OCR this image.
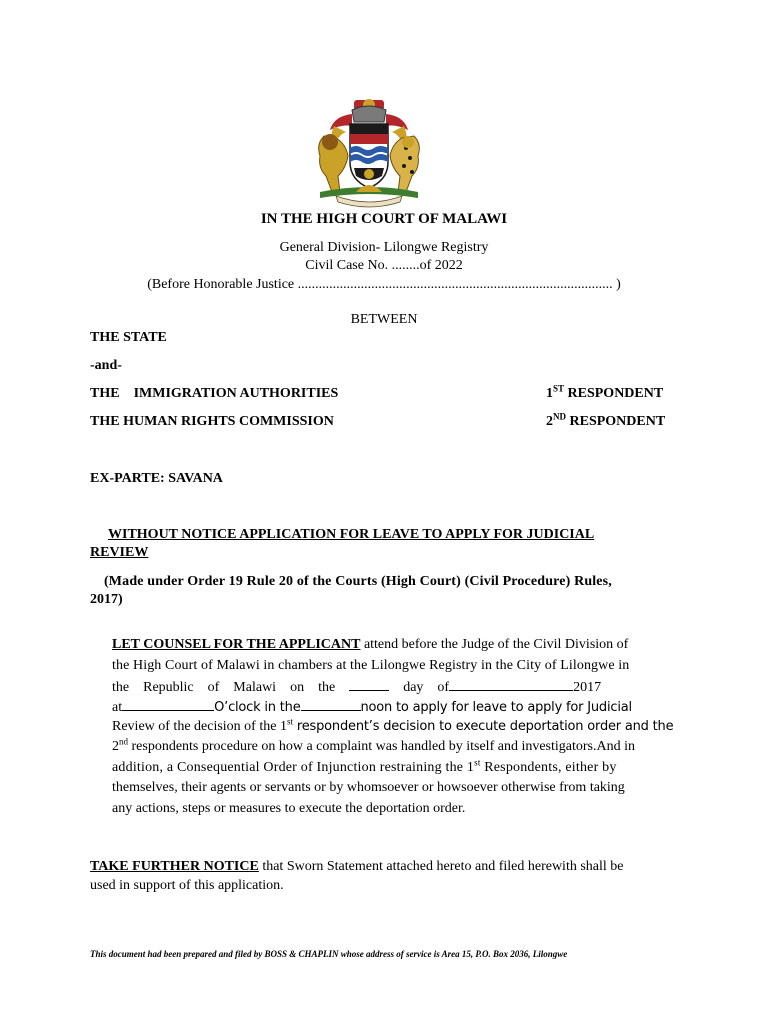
IN THE HIGH COURT OF MALAWI
General Division- Lilongwe Registry
Civil Case No. ........of 2022
(Before Honorable Justice .......................................................................................... )
BETWEEN
THE STATE
-and-
THE    IMMIGRATION AUTHORITIES	1ST RESPONDENT
THE HUMAN RIGHTS COMMISSION	2ND RESPONDENT
EX-PARTE: SAVANA
WITHOUT NOTICE APPLICATION FOR LEAVE TO APPLY FOR JUDICIAL
REVIEW
(Made under Order 19 Rule 20 of the Courts (High Court) (Civil Procedure) Rules,
2017)
LET COUNSEL FOR THE APPLICANT attend before the Judge of the Civil Division of
the High Court of Malawi in chambers at the Lilongwe Registry in the City of Lilongwe in
the    Republic    of    Malawi    on    the	day    of	2017
at	O’clock in the	noon to apply for leave to apply for Judicial
Review of the decision of the 1st respondent’s decision to execute deportation order and the
2nd respondents procedure on how a complaint was handled by itself and investigators.And in
addition, a Consequential Order of Injunction restraining the 1st Respondents, either by
themselves, their agents or servants or by whomsoever or howsoever otherwise from taking
any actions, steps or measures to execute the deportation order.
TAKE FURTHER NOTICE that Sworn Statement attached hereto and filed herewith shall be
used in support of this application.
This document had been prepared and filed by BOSS & CHAPLIN whose address of service is Area 15, P.O. Box 2036, Lilongwe
